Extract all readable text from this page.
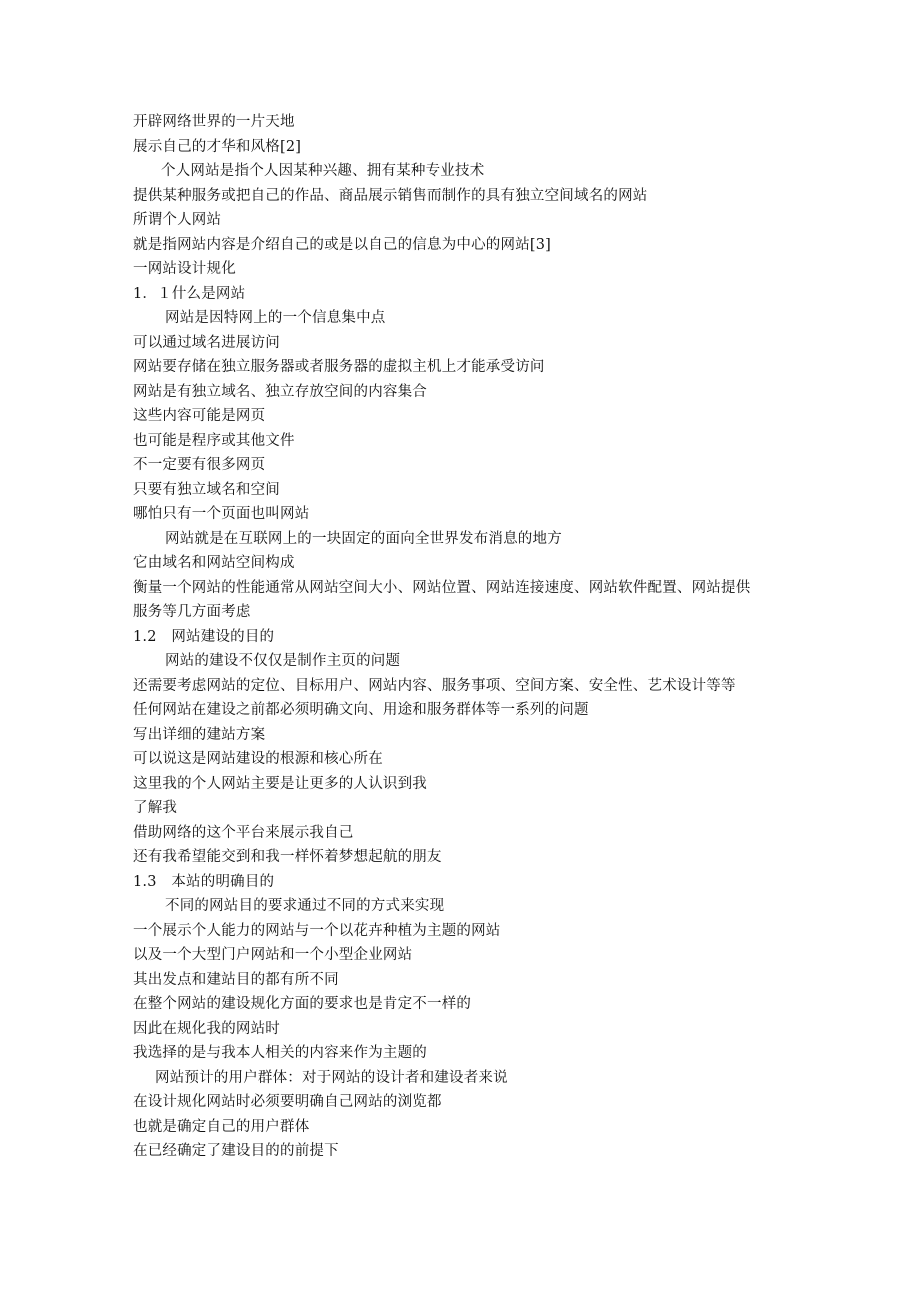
开辟网络世界的一片天地
展示自己的才华和风格[2]
个人网站是指个人因某种兴趣、拥有某种专业技术
提供某种服务或把自己的作品、商品展示销售而制作的具有独立空间域名的网站
所谓个人网站
就是指网站内容是介绍自己的或是以自己的信息为中心的网站[3]
一网站设计规化
1．１什么是网站
网站是因特网上的一个信息集中点
可以通过域名进展访问
网站要存储在独立服务器或者服务器的虚拟主机上才能承受访问
网站是有独立域名、独立存放空间的内容集合
这些内容可能是网页
也可能是程序或其他文件
不一定要有很多网页
只要有独立域名和空间
哪怕只有一个页面也叫网站
网站就是在互联网上的一块固定的面向全世界发布消息的地方
它由域名和网站空间构成
衡量一个网站的性能通常从网站空间大小、网站位置、网站连接速度、网站软件配置、网站提供
服务等几方面考虑
1.2　网站建设的目的
网站的建设不仅仅是制作主页的问题
还需要考虑网站的定位、目标用户、网站内容、服务事项、空间方案、安全性、艺术设计等等
任何网站在建设之前都必须明确文向、用途和服务群体等一系列的问题
写出详细的建站方案
可以说这是网站建设的根源和核心所在
这里我的个人网站主要是让更多的人认识到我
了解我
借助网络的这个平台来展示我自己
还有我希望能交到和我一样怀着梦想起航的朋友
1.3　本站的明确目的
不同的网站目的要求通过不同的方式来实现
一个展示个人能力的网站与一个以花卉种植为主题的网站
以及一个大型门户网站和一个小型企业网站
其出发点和建站目的都有所不同
在整个网站的建设规化方面的要求也是肯定不一样的
因此在规化我的网站时
我选择的是与我本人相关的内容来作为主题的
网站预计的用户群体：对于网站的设计者和建设者来说
在设计规化网站时必须要明确自己网站的浏览都
也就是确定自己的用户群体
在已经确定了建设目的的前提下
